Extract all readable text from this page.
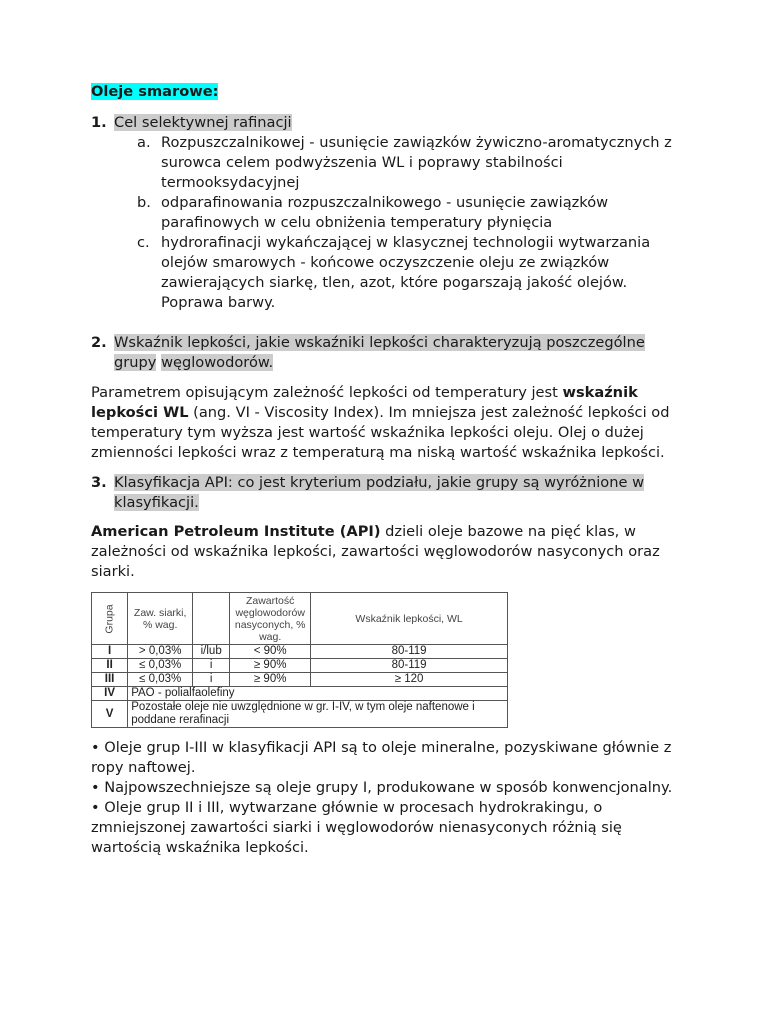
Oleje smarowe:
1. Cel selektywnej rafinacji
a. Rozpuszczalnikowej - usunięcie zawiązków żywiczno-aromatycznych z surowca celem podwyższenia WL i poprawy stabilności termooksydacyjnej
b. odparafinowania rozpuszczalnikowego - usunięcie zawiązków parafinowych w celu obniżenia temperatury płynięcia
c. hydrorafinacji wykańczającej w klasycznej technologii wytwarzania olejów smarowych - końcowe oczyszczenie oleju ze związków zawierających siarkę, tlen, azot, które pogarszają jakość olejów. Poprawa barwy.
2. Wskaźnik lepkości, jakie wskaźniki lepkości charakteryzują poszczególne grupy węglowodorów.

Parametrem opisującym zależność lepkości od temperatury jest wskaźnik lepkości WL (ang. VI - Viscosity Index). Im mniejsza jest zależność lepkości od temperatury tym wyższa jest wartość wskaźnika lepkości oleju. Olej o dużej zmienności lepkości wraz z temperaturą ma niską wartość wskaźnika lepkości.

3. Klasyfikacja API: co jest kryterium podziału, jakie grupy są wyróżnione w klasyfikacji.

American Petroleum Institute (API) dzieli oleje bazowe na pięć klas, w zależności od wskaźnika lepkości, zawartości węglowodorów nasyconych oraz siarki.

Grupa	Zaw. siarki, % wag.		Zawartość węglowodorów nasyconych, % wag.	Wskaźnik lepkości, WL
I	> 0,03%	i/lub	< 90%	80-119
II	≤ 0,03%	i	≥ 90%	80-119
III	≤ 0,03%	i	≥ 90%	≥ 120
IV	PAO - polialfaolefiny			
V	Pozostałe oleje nie uwzględnione w gr. I-IV, w tym oleje naftenowe i poddane rerafinacji			

• Oleje grup I-III w klasyfikacji API są to oleje mineralne, pozyskiwane głównie z ropy naftowej.

• Najpowszechniejsze są oleje grupy I, produkowane w sposób konwencjonalny.

• Oleje grup II i III, wytwarzane głównie w procesach hydrokrakingu, o zmniejszonej zawartości siarki i węglowodorów nienasyconych różnią się wartością wskaźnika lepkości.
